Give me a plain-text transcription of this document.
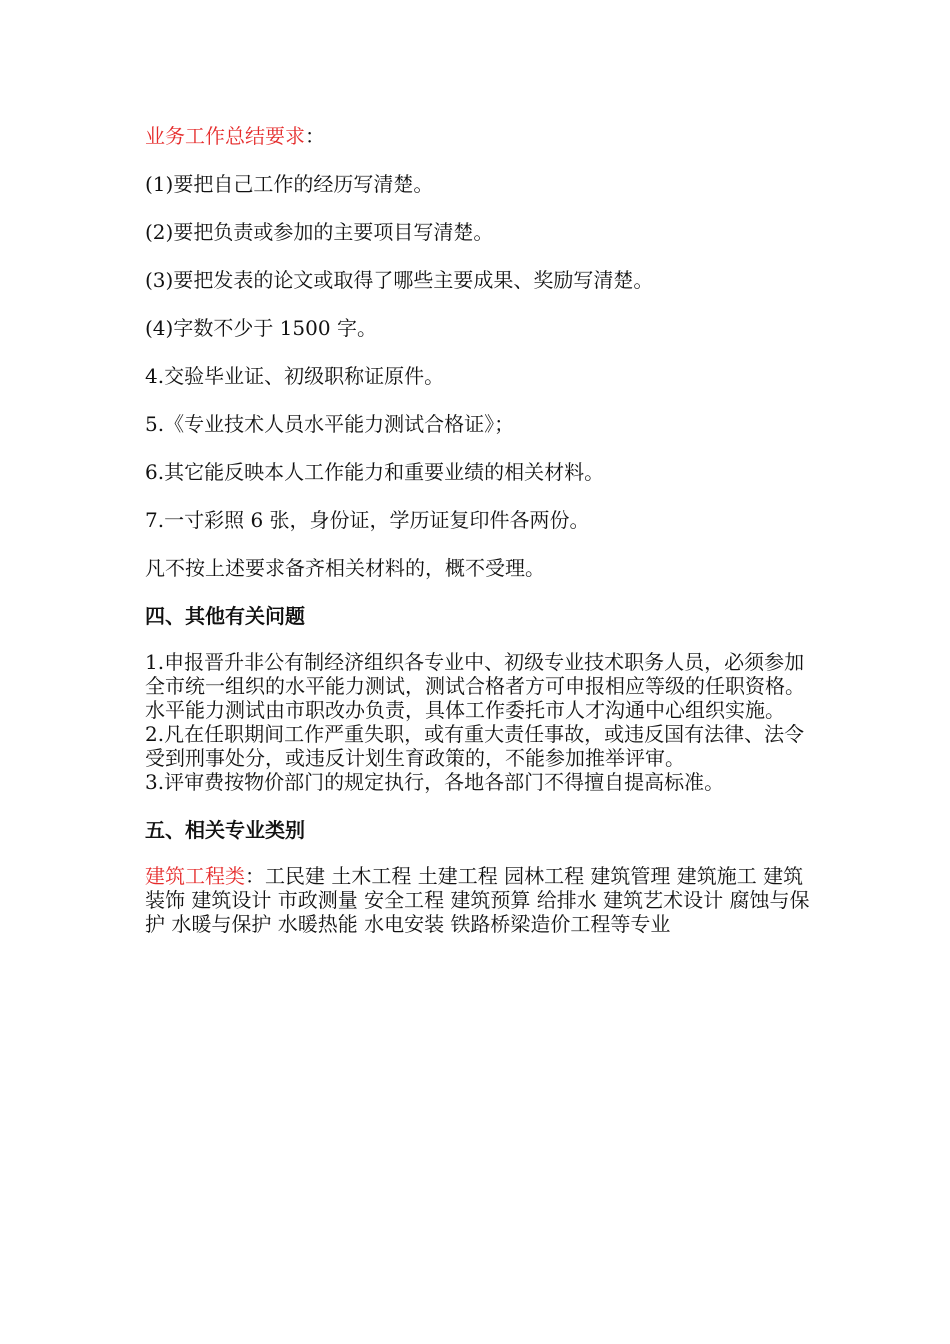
业务工作总结要求：

(1)要把自己工作的经历写清楚。

(2)要把负责或参加的主要项目写清楚。

(3)要把发表的论文或取得了哪些主要成果、奖励写清楚。

(4)字数不少于 1500 字。

4.交验毕业证、初级职称证原件。

5.《专业技术人员水平能力测试合格证》；

6.其它能反映本人工作能力和重要业绩的相关材料。

7.一寸彩照 6 张，身份证，学历证复印件各两份。

凡不按上述要求备齐相关材料的，概不受理。

四、其他有关问题

1.申报晋升非公有制经济组织各专业中、初级专业技术职务人员，必须参加全市统一组织的水平能力测试，测试合格者方可申报相应等级的任职资格。水平能力测试由市职改办负责，具体工作委托市人才沟通中心组织实施。
2.凡在任职期间工作严重失职，或有重大责任事故，或违反国有法律、法令受到刑事处分，或违反计划生育政策的，不能参加推举评审。
3.评审费按物价部门的规定执行，各地各部门不得擅自提高标准。

五、相关专业类别

建筑工程类：工民建 土木工程 土建工程 园林工程 建筑管理 建筑施工 建筑装饰 建筑设计 市政测量 安全工程 建筑预算 给排水 建筑艺术设计 腐蚀与保护 水暖与保护 水暖热能 水电安装 铁路桥梁造价工程等专业
